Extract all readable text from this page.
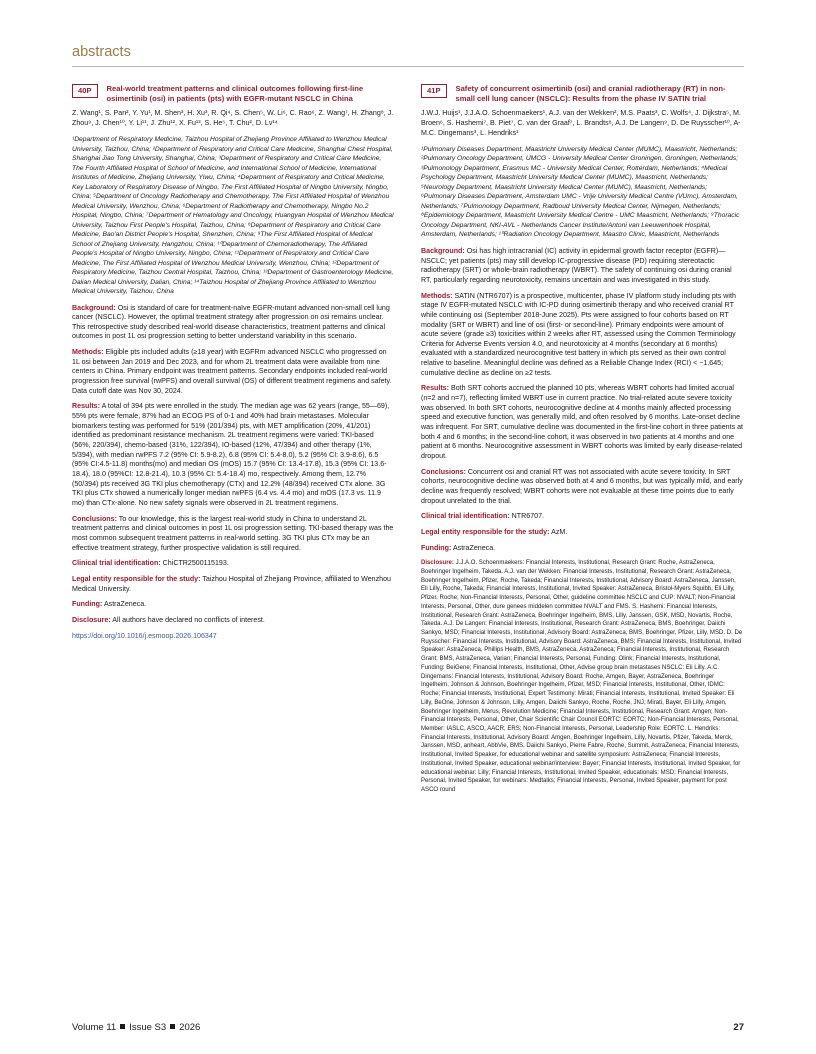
abstracts
40P	Real-world treatment patterns and clinical outcomes following first-line osimertinib (osi) in patients (pts) with EGFR-mutant NSCLC in China

Z. Wang¹, S. Pan², Y. Yu¹, M. Shen³, H. Xu³, R. Qi⁴, S. Chen⁵, W. Li⁶, C. Rao⁶, Z. Wang⁷, H. Zhang⁸, J. Zhou⁹, J. Chen¹⁰, Y. Li¹¹, J. Zhu¹², X. Fu¹³, S. He⁵, T. Chu², D. Lv¹⁴

¹Department of Respiratory Medicine, Taizhou Hospital of Zhejiang Province Affiliated to Wenzhou Medical University, Taizhou, China; ²Department of Respiratory and Critical Care Medicine, Shanghai Chest Hospital, Shanghai Jiao Tong University, Shanghai, China; ³Department of Respiratory and Critical Care Medicine, The Fourth Affiliated Hospital of School of Medicine, and International School of Medicine, International Institutes of Medicine, Zhejiang University, Yiwu, China; ⁴Department of Respiratory and Critical Medicine, Key Laboratory of Respiratory Disease of Ningbo, The First Affiliated Hospital of Ningbo University, Ningbo, China; ⁵Department of Oncology Radiotherapy and Chemotherapy, The First Affiliated Hospital of Wenzhou Medical University, Wenzhou, China; ⁶Department of Radiotherapy and Chemotherapy, Ningbo No.2 Hospital, Ningbo, China; ⁷Department of Hematology and Oncology, Huangyan Hospital of Wenzhou Medical University, Taizhou First People's Hospital, Taizhou, China; ⁸Department of Respiratory and Critical Care Medicine, Bao'an District People's Hospital, Shenzhen, China; ⁹The First Affiliated Hospital of Medical School of Zhejiang University, Hangzhou, China; ¹⁰Department of Chemoradiotherapy, The Affiliated People's Hospital of Ningbo University, Ningbo, China; ¹¹Department of Respiratory and Critical Care Medicine, The First Affiliated Hospital of Wenzhou Medical University, Wenzhou, China; ¹²Department of Respiratory Medicine, Taizhou Central Hospital, Taizhou, China; ¹³Department of Gastroenterology Medicine, Dalian Medical University, Dalian, China; ¹⁴Taizhou Hospital of Zhejiang Province Affiliated to Wenzhou Medical University, Taizhou, China

Background: Osi is standard of care for treatment-naïve EGFR-mutant advanced non-small cell lung cancer (NSCLC). However, the optimal treatment strategy after progression on osi remains unclear. This retrospective study described real-world disease characteristics, treatment patterns and clinical outcomes in post 1L osi progression setting to better understand variability in this scenario.

Methods: Eligible pts included adults (≥18 year) with EGFRm advanced NSCLC who progressed on 1L osi between Jan 2019 and Dec 2023, and for whom 2L treatment data were available from nine centers in China. Primary endpoint was treatment patterns. Secondary endpoints included real-world progression free survival (rwPFS) and overall survival (OS) of different treatment regimens and safety. Data cutoff date was Nov 30, 2024.

Results: A total of 394 pts were enrolled in the study. The median age was 62 years (range, 55—69), 55% pts were female, 87% had an ECOG PS of 0-1 and 40% had brain metastases. Molecular biomarkers testing was performed for 51% (201/394) pts, with MET amplification (20%, 41/201) identified as predominant resistance mechanism. 2L treatment regimens were varied: TKI-based (56%, 220/394), chemo-based (31%, 122/394), IO-based (12%, 47/394) and other therapy (1%, 5/394), with median rwPFS 7.2 (95% CI: 5.9-8.2), 6.8 (95% CI: 5.4-8.0), 5.2 (95% CI: 3.9-8.6), 6.5 (95% CI:4.5-11.8) months(mo) and median OS (mOS) 15.7 (95% CI: 13.4-17.8), 15.3 (95% CI: 13.6-18.4), 18.0 (95%CI: 12.8-21.4), 10.3 (95% CI: 5.4-18.4) mo, respectively. Among them, 12.7% (50/394) pts received 3G TKI plus chemotherapy (CTx) and 12.2% (48/394) received CTx alone. 3G TKI plus CTx showed a numerically longer median rwPFS (6.4 vs. 4.4 mo) and mOS (17.3 vs. 11.9 mo) than CTx-alone. No new safety signals were observed in 2L treatment regimens.

Conclusions: To our knowledge, this is the largest real-world study in China to understand 2L treatment patterns and clinical outcomes in post 1L osi progression setting. TKI-based therapy was the most common subsequent treatment patterns in real-world setting. 3G TKI plus CTx may be an effective treatment strategy, further prospective validation is still required.

Clinical trial identification: ChiCTR2500115193.

Legal entity responsible for the study: Taizhou Hospital of Zhejiang Province, affiliated to Wenzhou Medical University.

Funding: AstraZeneca.

Disclosure: All authors have declared no conflicts of interest.

https://doi.org/10.1016/j.esmoop.2026.106347

41P	Safety of concurrent osimertinib (osi) and cranial radiotherapy (RT) in non-small cell lung cancer (NSCLC): Results from the phase IV SATIN trial

J.W.J. Huijs¹, J.J.A.O. Schoenmaekers¹, A.J. van der Wekken², M.S. Paats³, C. Wolfs⁴, J. Dijkstra⁵, M. Broen⁶, S. Hashemi⁷, B. Piet⁷, C. van der Graaf⁷, L. Brandts⁸, A.J. De Langen⁹, D. De Ruysscher¹⁰, A-M.C. Dingemans³, L. Hendriks¹

¹Pulmonary Diseases Department, Maastricht University Medical Center (MUMC), Maastricht, Netherlands; ²Pulmonary Oncology Department, UMCG - University Medical Center Groningen, Groningen, Netherlands; ³Pulmonology Department, Erasmus MC - University Medical Center, Rotterdam, Netherlands; ⁴Medical Psychology Department, Maastricht University Medical Center (MUMC), Maastricht, Netherlands; ⁵Neurology Department, Maastricht University Medical Center (MUMC), Maastricht, Netherlands; ⁶Pulmonary Diseases Department, Amsterdam UMC - Vrije University Medical Centre (VUmc), Amsterdam, Netherlands; ⁷Pulmonology Department, Radboud University Medical Center, Nijmegen, Netherlands; ⁸Epidemiology Department, Maastricht University Medical Centre - UMC Maastricht, Netherlands; ⁹Thoracic Oncology Department, NKI-AVL - Netherlands Cancer Institute/Antoni van Leeuwenhoek Hospital, Amsterdam, Netherlands; ¹⁰Radiation Oncology Department, Maastro Clinic, Maastricht, Netherlands

Background: Osi has high intracranial (IC) activity in epidermal growth factor receptor (EGFR)—NSCLC; yet patients (pts) may still develop IC-progressive disease (PD) requiring stereotactic radiotherapy (SRT) or whole-brain radiotherapy (WBRT). The safety of continuing osi during cranial RT, particularly regarding neurotoxicity, remains uncertain and was investigated in this study.

Methods: SATIN (NTR6707) is a prospective, multicenter, phase IV platform study including pts with stage IV EGFR-mutated NSCLC with IC-PD during osimertinib therapy and who received cranial RT while continuing osi (September 2018-June 2025). Pts were assigned to four cohorts based on RT modality (SRT or WBRT) and line of osi (first- or second-line). Primary endpoints were amount of acute severe (grade ≥3) toxicities within 2 weeks after RT, assessed using the Common Terminology Criteria for Adverse Events version 4.0, and neurotoxicity at 4 months (secondary at 6 months) evaluated with a standardized neurocognitive test battery in which pts served as their own control relative to baseline. Meaningful decline was defined as a Reliable Change Index (RCI) < −1.645; cumulative decline as decline on ≥2 tests.

Results: Both SRT cohorts accrued the planned 10 pts, whereas WBRT cohorts had limited accrual (n=2 and n=7), reflecting limited WBRT use in current practice. No trial-related acute severe toxicity was observed. In both SRT cohorts, neurocognitive decline at 4 months mainly affected processing speed and executive function, was generally mild, and often resolved by 6 months. Late-onset decline was infrequent. For SRT, cumulative decline was documented in the first-line cohort in three patients at both 4 and 6 months; in the second-line cohort, it was observed in two patients at 4 months and one patient at 6 months. Neurocognitive assessment in WBRT cohorts was limited by early disease-related dropout.

Conclusions: Concurrent osi and cranial RT was not associated with acute severe toxicity. In SRT cohorts, neurocognitive decline was observed both at 4 and 6 months, but was typically mild, and early decline was frequently resolved; WBRT cohorts were not evaluable at these time points due to early dropout unrelated to the trial.

Clinical trial identification: NTR6707.

Legal entity responsible for the study: AzM.

Funding: AstraZeneca.

Disclosure: J.J.A.O. Schoenmaekers: Financial Interests, Institutional, Research Grant: Roche, AstraZeneca, Boehringer Ingelheim, Takeda. A.J. van der Wekken: Financial Interests, Institutional, Research Grant: AstraZeneca, Boehringer Ingelheim, Pfizer, Roche, Takeda; Financial Interests, Institutional, Advisory Board: AstraZeneca, Janssen, Eli Lilly, Roche, Takeda; Financial Interests, Institutional, Invited Speaker: AstraZeneca, Bristol-Myers Squibb, Eli Lilly, Pfizer, Roche; Non-Financial Interests, Personal, Other, guideline committee NSCLC and CUP: NVALT; Non-Financial Interests, Personal, Other, dure genees middelen committee NVALT and FMS. S. Hashemi: Financial Interests, Institutional, Research Grant: AstraZeneca, Boehringer Ingelheim, BMS, Lilly, Janssen, GSK, MSD, Novartis, Roche, Takeda. A.J. De Langen: Financial Interests, Institutional, Research Grant: AstraZeneca, BMS, Boehringer, Daiichi Sankyo, MSD; Financial Interests, Institutional, Advisory Board: AstraZeneca, BMS, Boehringer, Pfizer, Lilly, MSD. D. De Ruysscher: Financial Interests, Institutional, Advisory Board: AstraZeneca, BMS; Financial Interests, Institutional, Invited Speaker: AstraZeneca, Phillips Health, BMS, AstraZeneca, AstraZeneca; Financial Interests, Institutional, Research Grant: BMS, AstraZeneca, Varian; Financial Interests, Personal, Funding: Olink; Financial Interests, Institutional, Funding: BeiGene; Financial Interests, Institutional, Other, Advise group brain metastases NSCLC: Eli Lilly. A.C. Dingemans: Financial Interests, Institutional, Advisory Board: Roche, Amgen, Bayer, AstraZeneca, Boehringer Ingelheim, Johnson & Johnson, Boehringer Ingelheim, Pfizer, MSD; Financial Interests, Institutional, Other, IDMC: Roche; Financial Interests, Institutional, Expert Testimony: Mirati; Financial Interests, Institutional, Invited Speaker: Eli Lilly, BeOne, Johnson & Johnson, Lilly, Amgen, Daiichi Sankyo, Roche, Roche, JNJ, Mirati, Bayer, Eli Lilly, Amgen, Boehringer Ingelheim, Merus, Revolution Medicine; Financial Interests, Institutional, Research Grant: Amgen; Non-Financial Interests, Personal, Other, Chair Scientific Chair Council EORTC: EORTC; Non-Financial Interests, Personal, Member: IASLC, ASCO, AACR, ERS; Non-Financial Interests, Personal, Leadership Role: EORTC. L. Hendriks: Financial Interests, Institutional, Advisory Board: Amgen, Boehringer Ingelheim, Lilly, Novartis, Pfizer, Takeda, Merck, Janssen, MSD, anheart, AbbVie, BMS, Daiichi Sankyo, Pierre Fabre, Roche, Summit, AstraZeneca; Financial Interests, Institutional, Invited Speaker, for educational webinar and satellite symposium: AstraZeneca; Financial Interests, Institutional, Invited Speaker, educational webinar/interview: Bayer; Financial Interests, Institutional, Invited Speaker, for educational webinar: Lilly; Financial Interests, Institutional, Invited Speaker, educationals: MSD; Financial Interests, Personal, Invited Speaker, for webinars: Medtalks; Financial Interests, Personal, Invited Speaker, payment for post ASCO round

Volume 11 Issue S3 2026	27
